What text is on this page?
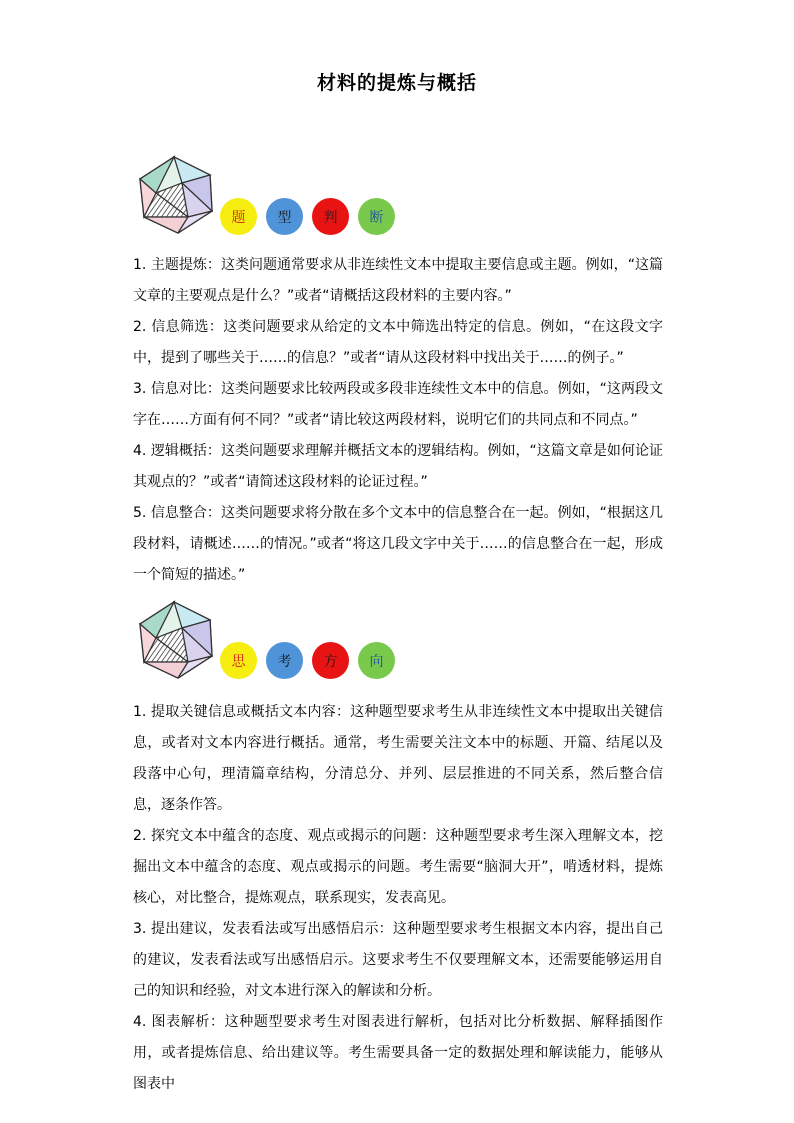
材料的提炼与概括
题	型	判	断

1. 主题提炼：这类问题通常要求从非连续性文本中提取主要信息或主题。例如，“这篇文章的主要观点是什么？”或者“请概括这段材料的主要内容。”

2. 信息筛选：这类问题要求从给定的文本中筛选出特定的信息。例如，“在这段文字中，提到了哪些关于……的信息？”或者“请从这段材料中找出关于……的例子。”

3. 信息对比：这类问题要求比较两段或多段非连续性文本中的信息。例如，“这两段文字在……方面有何不同？”或者“请比较这两段材料，说明它们的共同点和不同点。”

4. 逻辑概括：这类问题要求理解并概括文本的逻辑结构。例如，“这篇文章是如何论证其观点的？”或者“请简述这段材料的论证过程。”

5. 信息整合：这类问题要求将分散在多个文本中的信息整合在一起。例如，“根据这几段材料，请概述……的情况。”或者“将这几段文字中关于……的信息整合在一起，形成一个简短的描述。”

思	考	方	向

1. 提取关键信息或概括文本内容：这种题型要求考生从非连续性文本中提取出关键信息，或者对文本内容进行概括。通常，考生需要关注文本中的标题、开篇、结尾以及段落中心句，理清篇章结构，分清总分、并列、层层推进的不同关系，然后整合信息，逐条作答。

2. 探究文本中蕴含的态度、观点或揭示的问题：这种题型要求考生深入理解文本，挖掘出文本中蕴含的态度、观点或揭示的问题。考生需要“脑洞大开”，啃透材料，提炼核心，对比整合，提炼观点，联系现实，发表高见。

3. 提出建议，发表看法或写出感悟启示：这种题型要求考生根据文本内容，提出自己的建议，发表看法或写出感悟启示。这要求考生不仅要理解文本，还需要能够运用自己的知识和经验，对文本进行深入的解读和分析。

4. 图表解析：这种题型要求考生对图表进行解析，包括对比分析数据、解释插图作用，或者提炼信息、给出建议等。考生需要具备一定的数据处理和解读能力，能够从图表中
